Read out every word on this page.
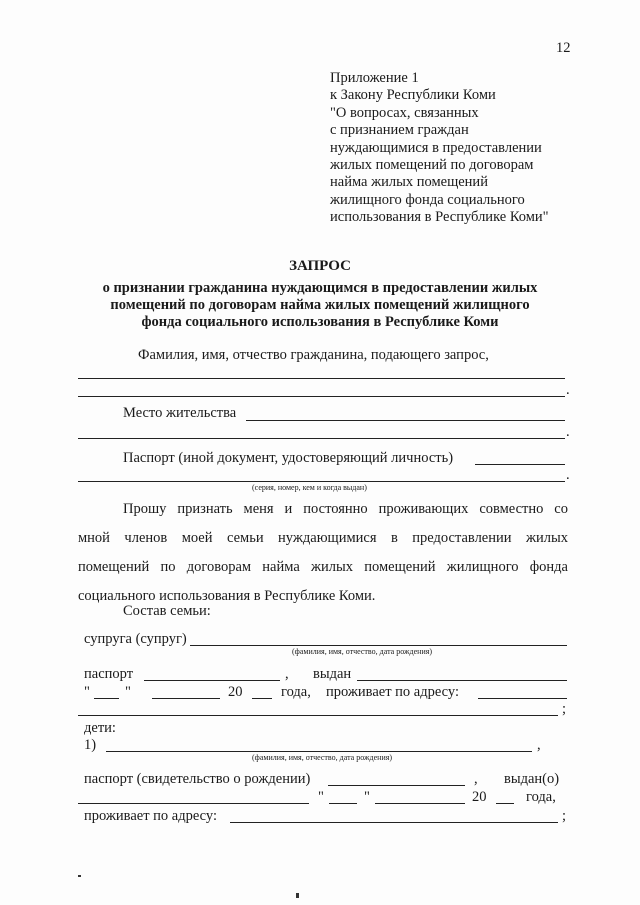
12
Приложение 1
к Закону Республики Коми
"О вопросах, связанных
с признанием граждан
нуждающимися в предоставлении
жилых помещений по договорам
найма жилых помещений
жилищного фонда социального
использования в Республике Коми"
ЗАПРОС
о признании гражданина нуждающимся в предоставлении жилых
помещений по договорам найма жилых помещений жилищного
фонда социального использования в Республике Коми
Фамилия, имя, отчество гражданина, подающего запрос,
.
Место жительства
.
Паспорт (иной документ, удостоверяющий личность)
.
(серия, номер, кем и когда выдан)
Прошу признать меня и постоянно проживающих совместно со
мной членов моей семьи нуждающимися в предоставлении жилых
помещений по договорам найма жилых помещений жилищного фонда
социального использования в Республике Коми.
Состав семьи:
супруга (супруг)
(фамилия, имя, отчество, дата рождения)
паспорт	, выдан
" "	20	года, проживает по адресу:
;
дети:
1)	,
(фамилия, имя, отчество, дата рождения)
паспорт (свидетельство о рождении)	, выдан(о)
"	"	20	года,
проживает по адресу:	;
